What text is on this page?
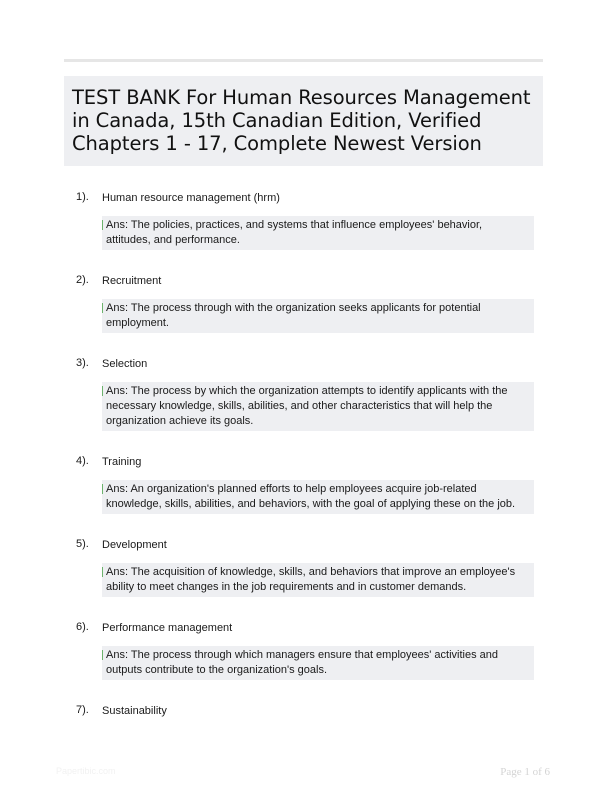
TEST BANK For Human Resources Management in Canada, 15th Canadian Edition, Verified Chapters 1 - 17, Complete Newest Version
1). Human resource management (hrm)
Ans: The policies, practices, and systems that influence employees' behavior, attitudes, and performance.
2). Recruitment
Ans: The process through with the organization seeks applicants for potential employment.
3). Selection
Ans: The process by which the organization attempts to identify applicants with the necessary knowledge, skills, abilities, and other characteristics that will help the organization achieve its goals.
4). Training
Ans: An organization's planned efforts to help employees acquire job-related knowledge, skills, abilities, and behaviors, with the goal of applying these on the job.
5). Development
Ans: The acquisition of knowledge, skills, and behaviors that improve an employee's ability to meet changes in the job requirements and in customer demands.
6). Performance management
Ans: The process through which managers ensure that employees' activities and outputs contribute to the organization's goals.
7). Sustainability
Papertibic.com	Page 1 of 6
